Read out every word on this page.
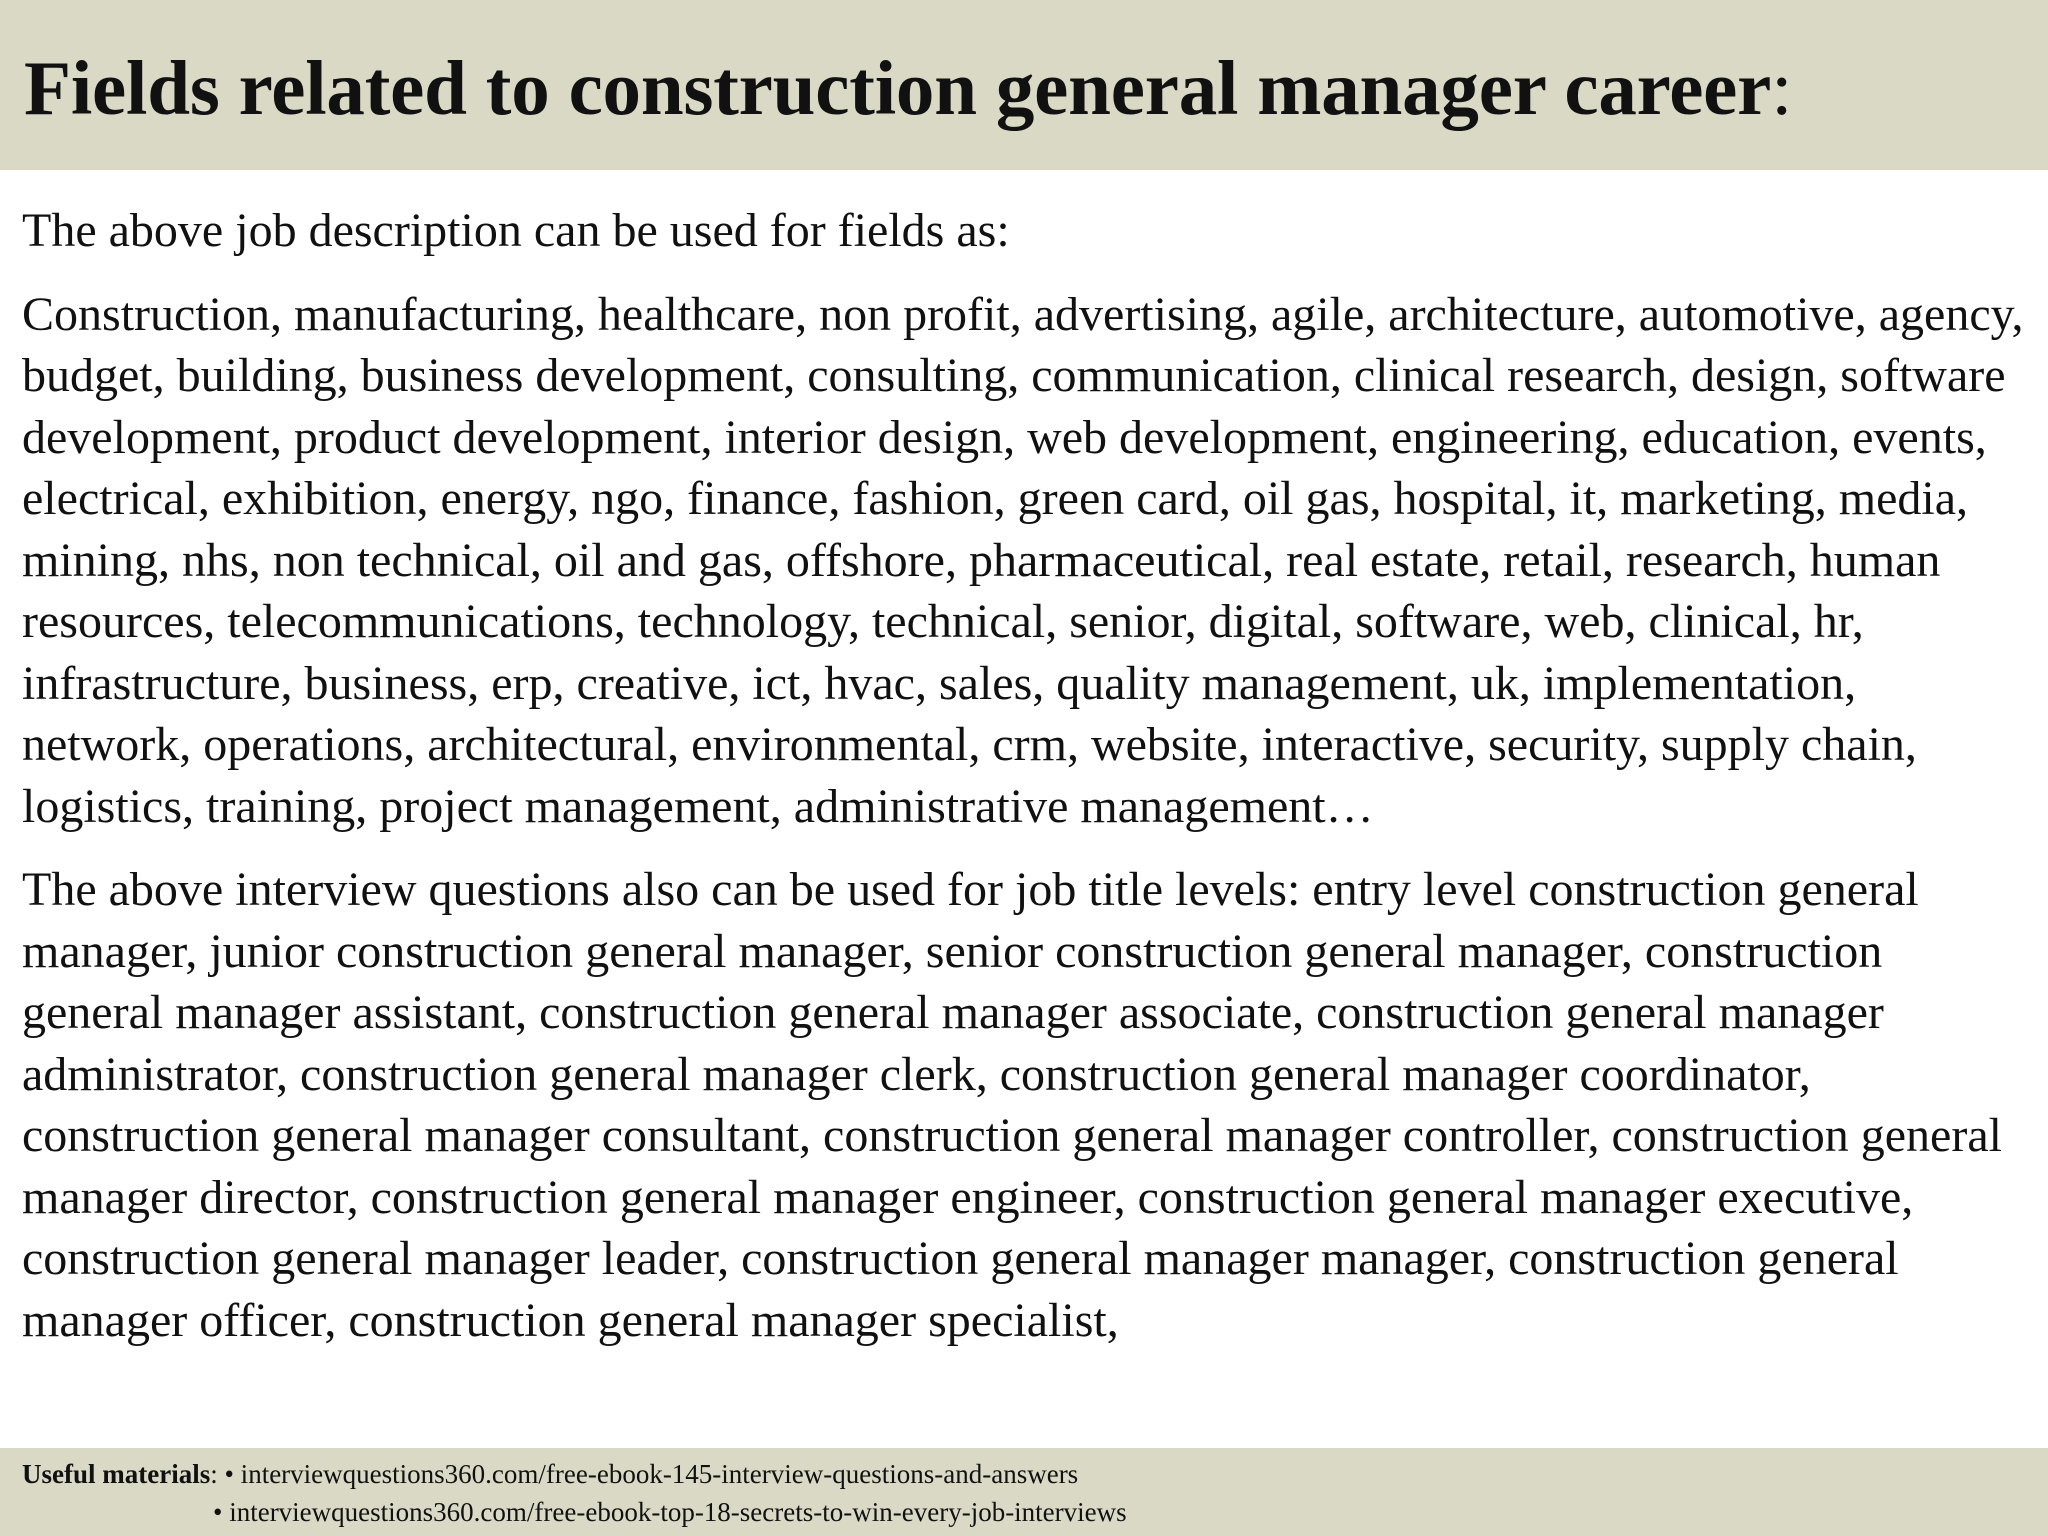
Fields related to construction general manager career:

The above job description can be used for fields as:

Construction, manufacturing, healthcare, non profit, advertising, agile, architecture, automotive, agency, budget, building, business development, consulting, communication, clinical research, design, software development, product development, interior design, web development, engineering, education, events, electrical, exhibition, energy, ngo, finance, fashion, green card, oil gas, hospital, it, marketing, media, mining, nhs, non technical, oil and gas, offshore, pharmaceutical, real estate, retail, research, human resources, telecommunications, technology, technical, senior, digital, software, web, clinical, hr, infrastructure, business, erp, creative, ict, hvac, sales, quality management, uk, implementation, network, operations, architectural, environmental, crm, website, interactive, security, supply chain, logistics, training, project management, administrative management…

The above interview questions also can be used for job title levels: entry level construction general manager, junior construction general manager, senior construction general manager, construction general manager assistant, construction general manager associate, construction general manager administrator, construction general manager clerk, construction general manager coordinator, construction general manager consultant, construction general manager controller, construction general manager director, construction general manager engineer, construction general manager executive, construction general manager leader, construction general manager manager, construction general manager officer, construction general manager specialist,

Useful materials: • interviewquestions360.com/free-ebook-145-interview-questions-and-answers
• interviewquestions360.com/free-ebook-top-18-secrets-to-win-every-job-interviews
